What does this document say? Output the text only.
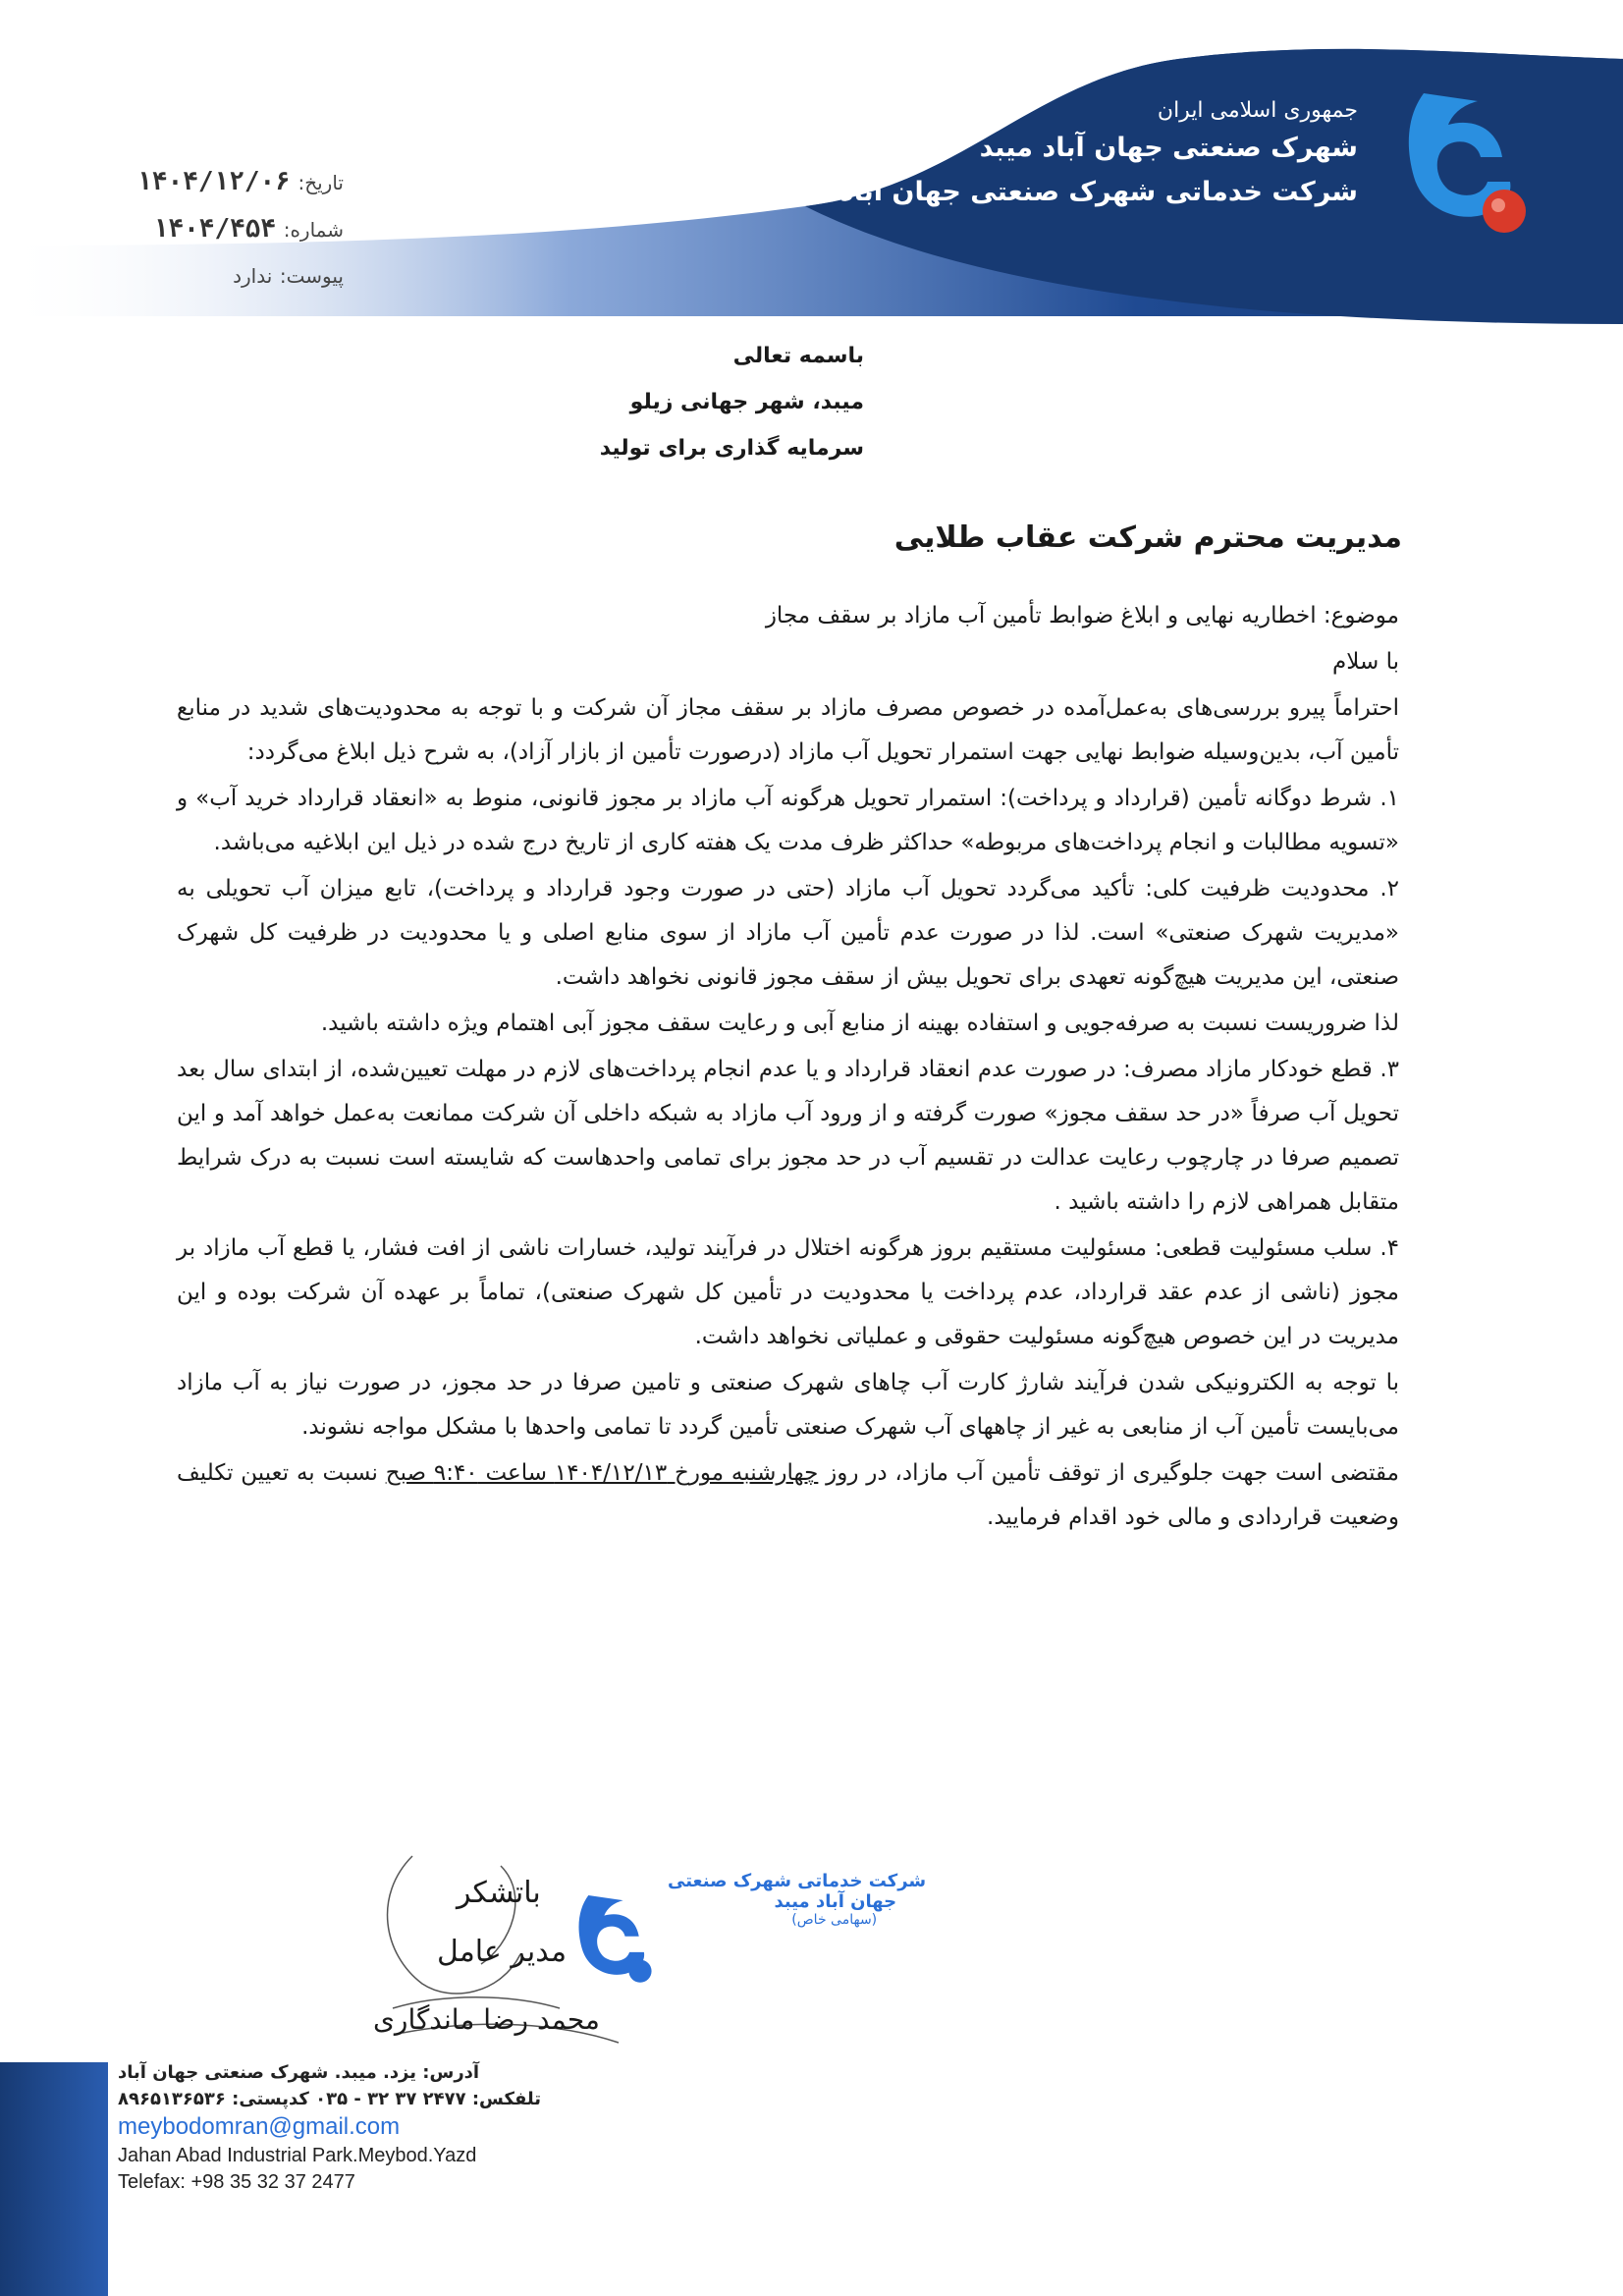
جمهوری اسلامی ایران
شهرک صنعتی جهان آباد میبد
شرکت خدماتی شهرک صنعتی جهان آباد میبد
تاریخ: ۱۴۰۴/۱۲/۰۶
شماره: ۱۴۰۴/۴۵۴
پیوست: ندارد
باسمه تعالی
میبد، شهر جهانی زیلو
سرمایه گذاری برای تولید
مدیریت محترم شرکت عقاب طلایی

موضوع: اخطاریه نهایی و ابلاغ ضوابط تأمین آب مازاد بر سقف مجاز

با سلام

احتراماً پیرو بررسی‌های به‌عمل‌آمده در خصوص مصرف مازاد بر سقف مجاز آن شرکت و با توجه به محدودیت‌های شدید در منابع تأمین آب، بدین‌وسیله ضوابط نهایی جهت استمرار تحویل آب مازاد (درصورت تأمین از بازار آزاد)، به شرح ذیل ابلاغ می‌گردد:

۱. شرط دوگانه تأمین (قرارداد و پرداخت): استمرار تحویل هرگونه آب مازاد بر مجوز قانونی، منوط به «انعقاد قرارداد خرید آب» و «تسویه مطالبات و انجام پرداخت‌های مربوطه» حداکثر ظرف مدت یک هفته کاری از تاریخ درج شده در ذیل این ابلاغیه می‌باشد.

۲. محدودیت ظرفیت کلی: تأکید می‌گردد تحویل آب مازاد (حتی در صورت وجود قرارداد و پرداخت)، تابع میزان آب تحویلی به «مدیریت شهرک صنعتی» است. لذا در صورت عدم تأمین آب مازاد از سوی منابع اصلی و یا محدودیت در ظرفیت کل شهرک صنعتی، این مدیریت هیچ‌گونه تعهدی برای تحویل بیش از سقف مجوز قانونی نخواهد داشت.

لذا ضروریست نسبت به صرفه‌جویی و استفاده بهینه از منابع آبی و رعایت سقف مجوز آبی اهتمام ویژه داشته باشید.

۳. قطع خودکار مازاد مصرف: در صورت عدم انعقاد قرارداد و یا عدم انجام پرداخت‌های لازم در مهلت تعیین‌شده، از ابتدای سال بعد تحویل آب صرفاً «در حد سقف مجوز» صورت گرفته و از ورود آب مازاد به شبکه داخلی آن شرکت ممانعت به‌عمل خواهد آمد و این تصمیم صرفا در چارچوب رعایت عدالت در تقسیم آب در حد مجوز برای تمامی واحدهاست که شایسته است نسبت به درک شرایط متقابل همراهی لازم را داشته باشید .

۴. سلب مسئولیت قطعی: مسئولیت مستقیم بروز هرگونه اختلال در فرآیند تولید، خسارات ناشی از افت فشار، یا قطع آب مازاد بر مجوز (ناشی از عدم عقد قرارداد، عدم پرداخت یا محدودیت در تأمین کل شهرک صنعتی)، تماماً بر عهده آن شرکت بوده و این مدیریت در این خصوص هیچ‌گونه مسئولیت حقوقی و عملیاتی نخواهد داشت.

با توجه به الکترونیکی شدن فرآیند شارژ کارت آب چاهای شهرک صنعتی و تامین صرفا در حد مجوز، در صورت نیاز به آب مازاد می‌بایست تأمین آب از منابعی به غیر از چاههای آب شهرک صنعتی تأمین گردد تا تمامی واحدها با مشکل مواجه نشوند.

مقتضی است جهت جلوگیری از توقف تأمین آب مازاد، در روز چهارشنبه مورخ ۱۴۰۴/۱۲/۱۳ ساعت ۹:۴۰ صبح نسبت به تعیین تکلیف وضعیت قراردادی و مالی خود اقدام فرمایید.

باتشکر
مدیر عامل
محمد رضا ماندگاری
شرکت خدماتی شهرک صنعتی
جهان آباد میبد
(سهامی خاص)
آدرس: یزد. میبد. شهرک صنعتی جهان آباد
تلفکس: ۲۴۷۷ ۳۷ ۳۲ - ۰۳۵ کدپستی: ۸۹۶۵۱۳۶۵۳۶
meybodomran@gmail.com
Jahan Abad Industrial Park.Meybod.Yazd
Telefax: +98 35 32 37 2477
